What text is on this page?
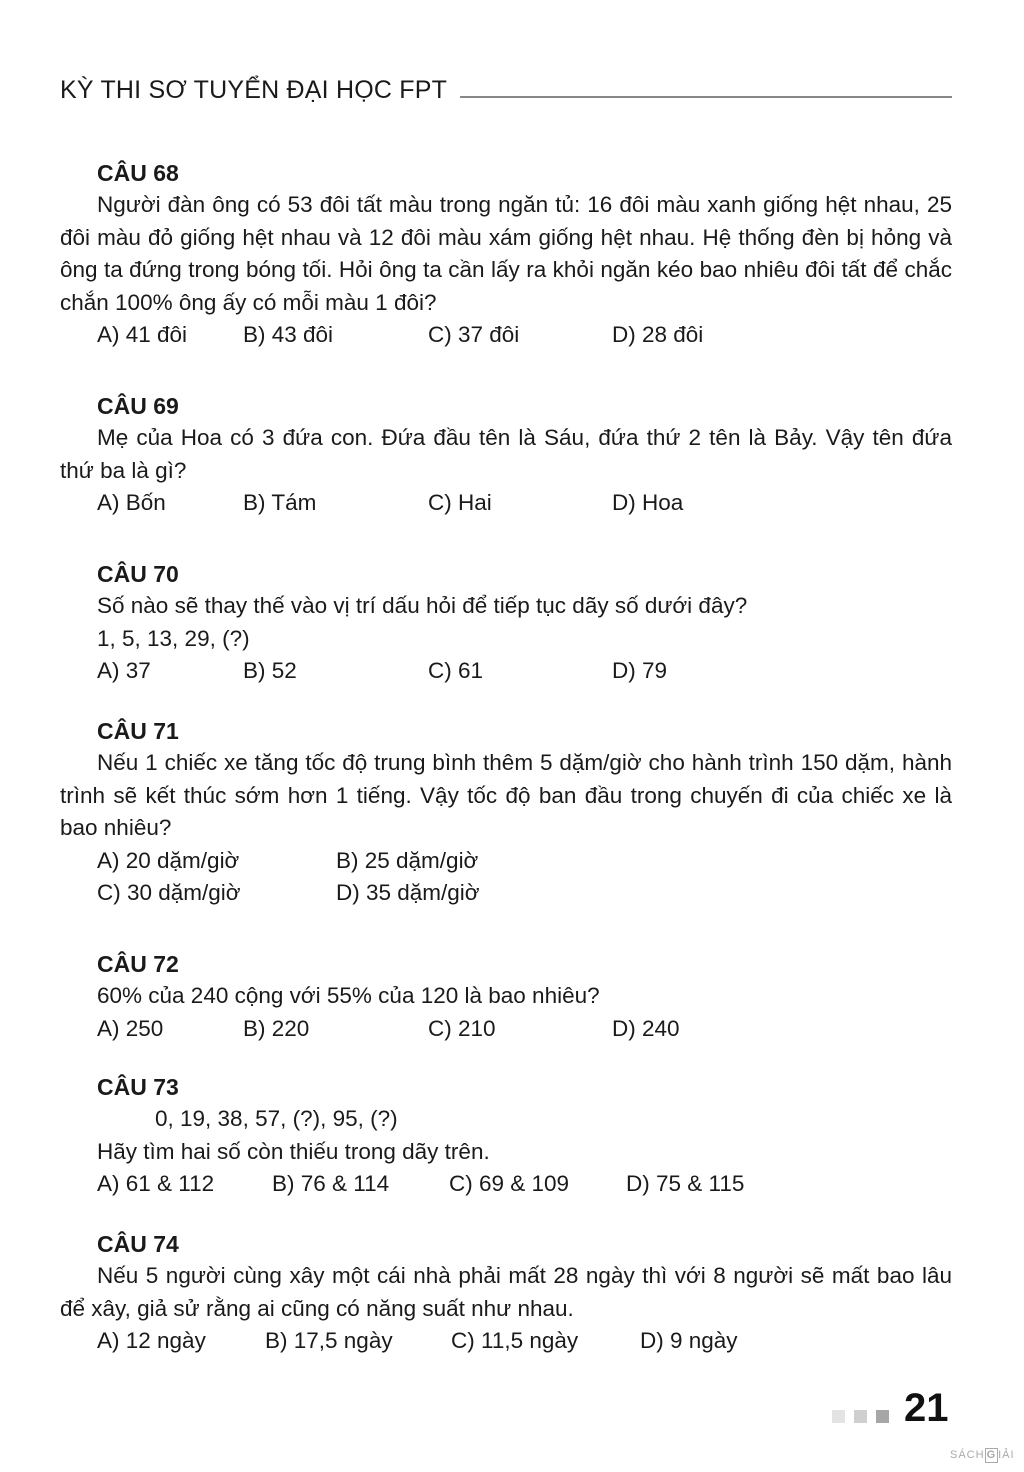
KỲ THI SƠ TUYỂN ĐẠI HỌC FPT
CÂU 68

Người đàn ông có 53 đôi tất màu trong ngăn tủ: 16 đôi màu xanh giống hệt nhau, 25 đôi màu đỏ giống hệt nhau và 12 đôi màu xám giống hệt nhau. Hệ thống đèn bị hỏng và ông ta đứng trong bóng tối. Hỏi ông ta cần lấy ra khỏi ngăn kéo bao nhiêu đôi tất để chắc chắn 100% ông ấy có mỗi màu 1 đôi?

A) 41 đôi B) 43 đôi	C) 37 đôi	D) 28 đôi
CÂU 69

Mẹ của Hoa có 3 đứa con. Đứa đầu tên là Sáu, đứa thứ 2 tên là Bảy. Vậy tên đứa thứ ba là gì?

A) Bốn	B) Tám	C) Hai	D) Hoa
CÂU 70

Số nào sẽ thay thế vào vị trí dấu hỏi để tiếp tục dãy số dưới đây?

1, 5, 13, 29, (?)
A) 37	B) 52	C) 61	D) 79
CÂU 71

Nếu 1 chiếc xe tăng tốc độ trung bình thêm 5 dặm/giờ cho hành trình 150 dặm, hành trình sẽ kết thúc sớm hơn 1 tiếng. Vậy tốc độ ban đầu trong chuyến đi của chiếc xe là bao nhiêu?

A) 20 dặm/giờ	B) 25 dặm/giờ
C) 30 dặm/giờ	D) 35 dặm/giờ
CÂU 72
60% của 240 cộng với 55% của 120 là bao nhiêu?
A) 250	B) 220	C) 210	D) 240
CÂU 73
0, 19, 38, 57, (?), 95, (?)
Hãy tìm hai số còn thiếu trong dãy trên.
A) 61 & 112	B) 76 & 114	C) 69 & 109	D) 75 & 115
CÂU 74

Nếu 5 người cùng xây một cái nhà phải mất 28 ngày thì với 8 người sẽ mất bao lâu để xây, giả sử rằng ai cũng có năng suất như nhau.

A) 12 ngày	B) 17,5 ngày	C) 11,5 ngày	D) 9 ngày
21
SÁCH G IẢI
